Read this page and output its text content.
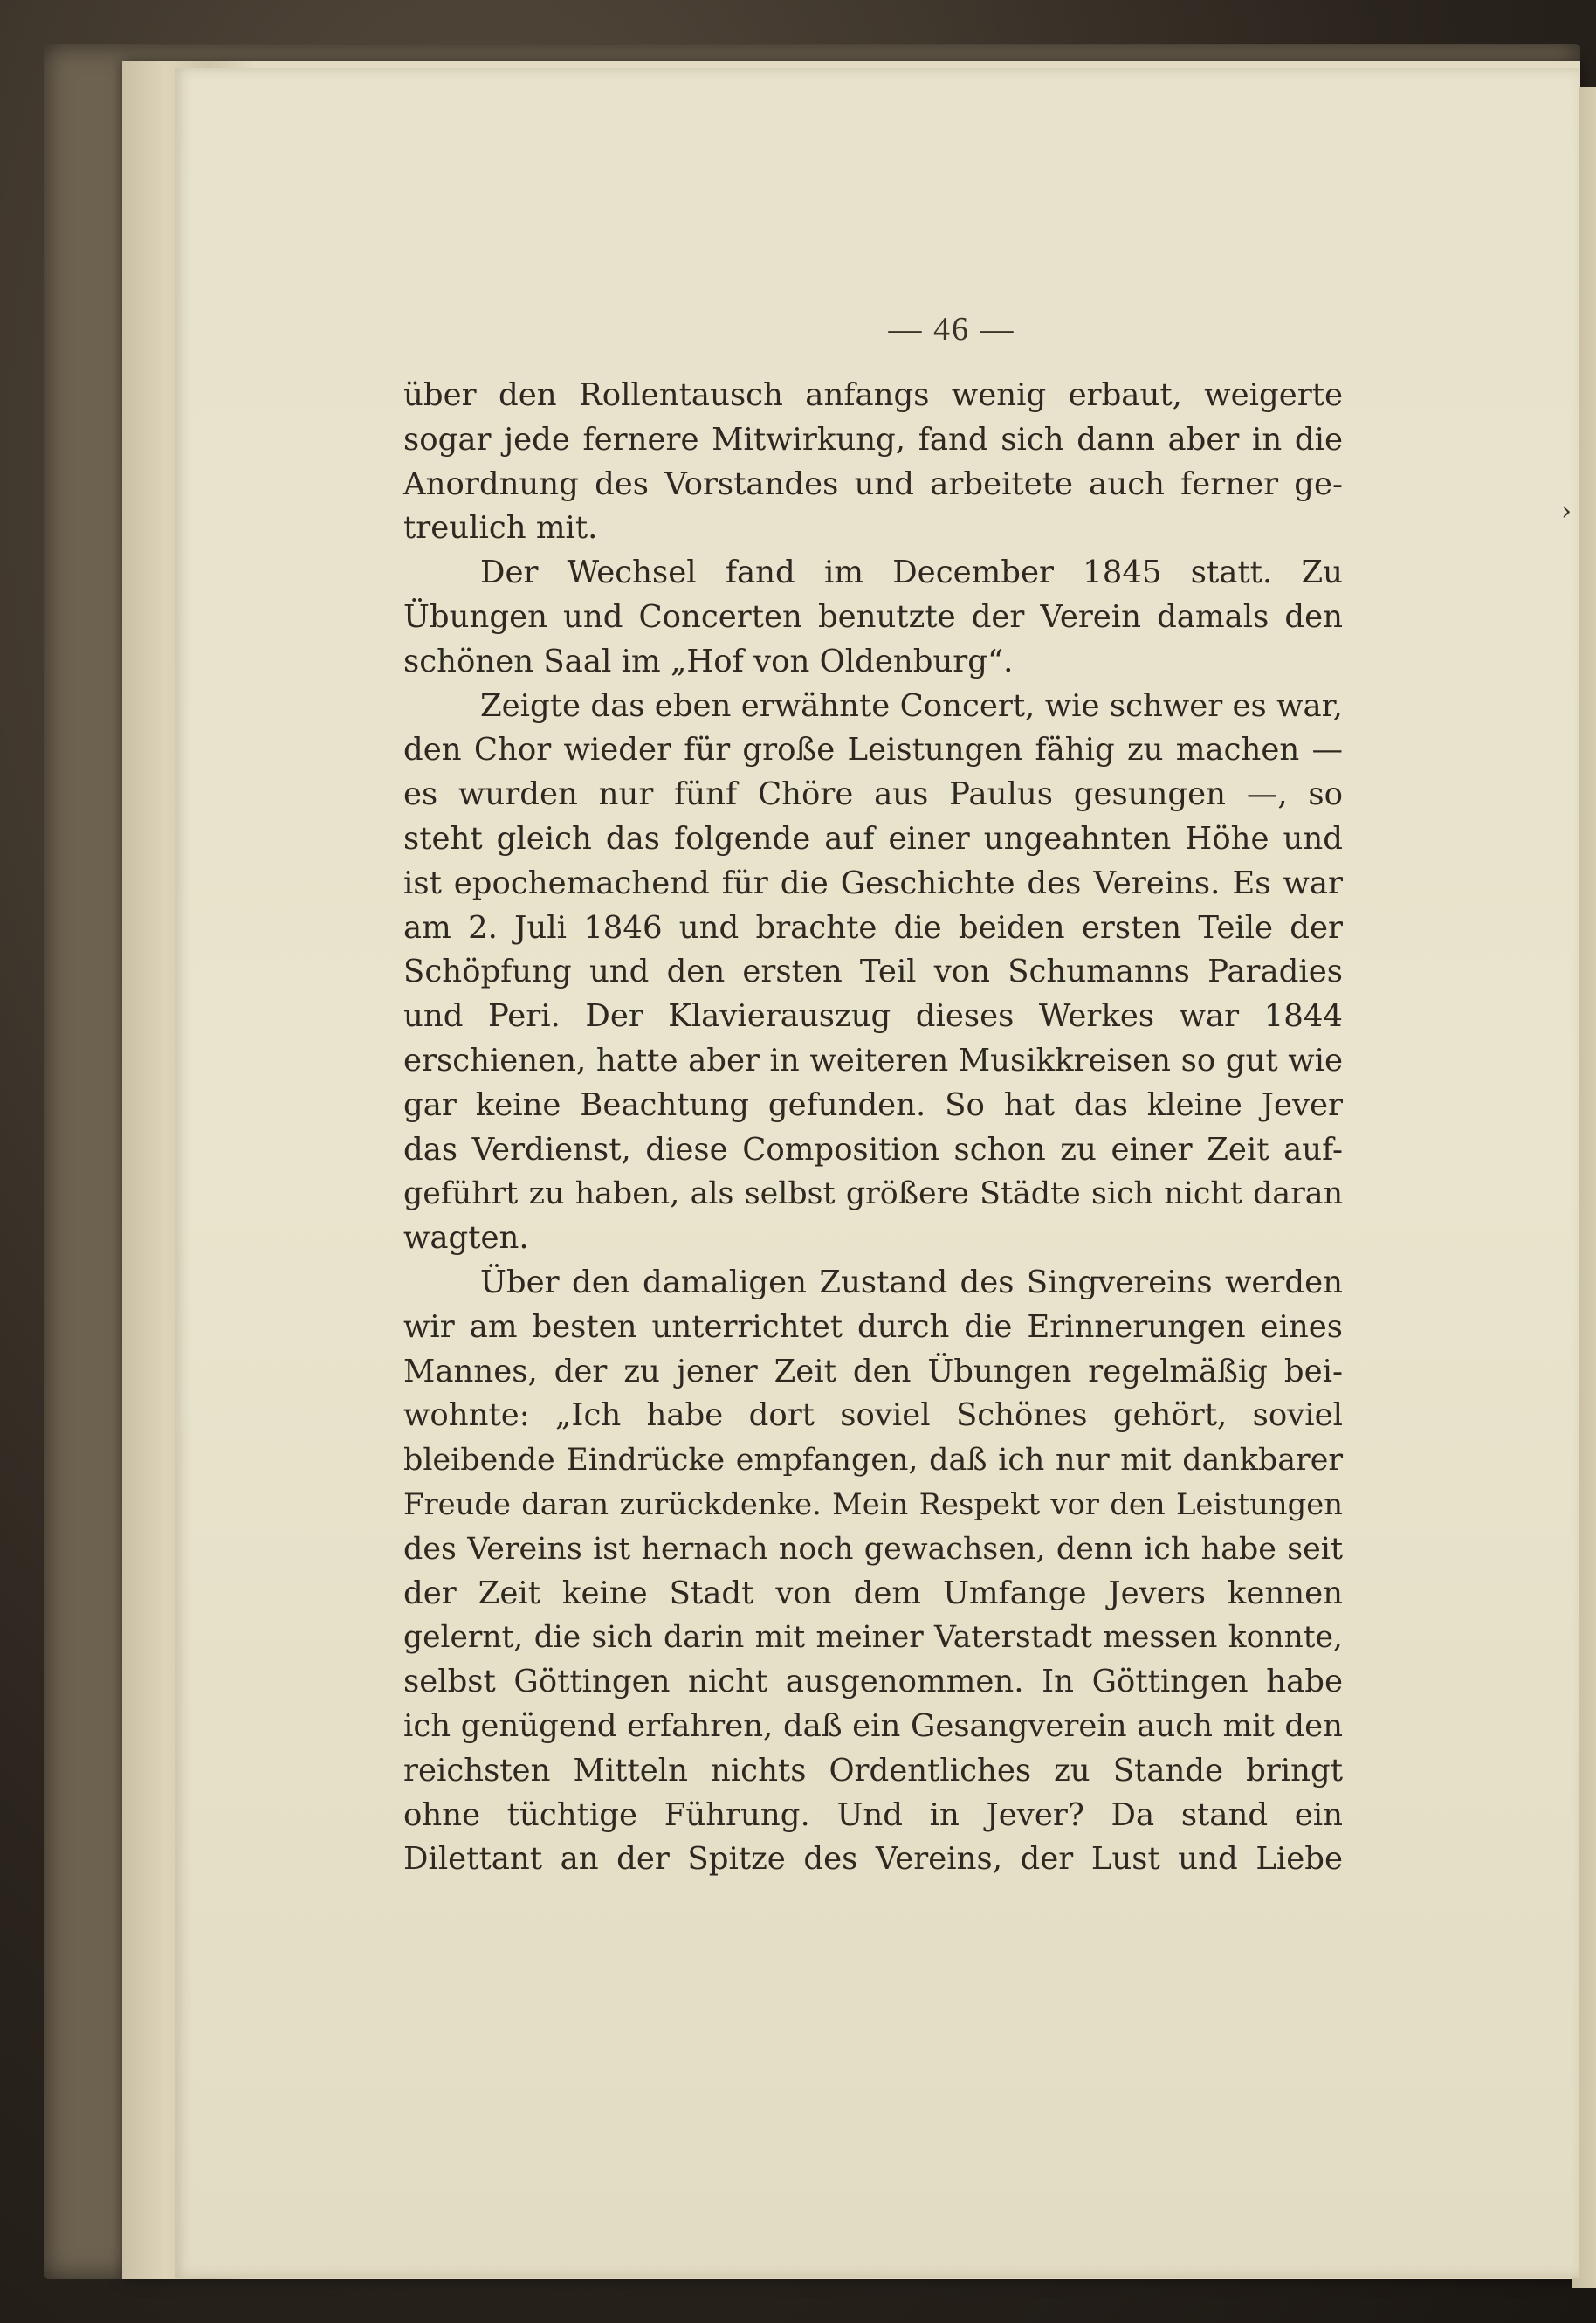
— 46 —
›
über den Rollentausch anfangs wenig erbaut, weigerte
sogar jede fernere Mitwirkung, fand sich dann aber in die
Anordnung des Vorstandes und arbeitete auch ferner ge-
treulich mit.
Der Wechsel fand im December 1845 statt. Zu
Übungen und Concerten benutzte der Verein damals den
schönen Saal im „Hof von Oldenburg“.
Zeigte das eben erwähnte Concert, wie schwer es war,
den Chor wieder für große Leistungen fähig zu machen —
es wurden nur fünf Chöre aus Paulus gesungen —, so
steht gleich das folgende auf einer ungeahnten Höhe und
ist epochemachend für die Geschichte des Vereins. Es war
am 2. Juli 1846 und brachte die beiden ersten Teile der
Schöpfung und den ersten Teil von Schumanns Paradies
und Peri. Der Klavierauszug dieses Werkes war 1844
erschienen, hatte aber in weiteren Musikkreisen so gut wie
gar keine Beachtung gefunden. So hat das kleine Jever
das Verdienst, diese Composition schon zu einer Zeit auf-
geführt zu haben, als selbst größere Städte sich nicht daran
wagten.
Über den damaligen Zustand des Singvereins werden
wir am besten unterrichtet durch die Erinnerungen eines
Mannes, der zu jener Zeit den Übungen regelmäßig bei-
wohnte: „Ich habe dort soviel Schönes gehört, soviel
bleibende Eindrücke empfangen, daß ich nur mit dankbarer
Freude daran zurückdenke. Mein Respekt vor den Leistungen
des Vereins ist hernach noch gewachsen, denn ich habe seit
der Zeit keine Stadt von dem Umfange Jevers kennen
gelernt, die sich darin mit meiner Vaterstadt messen konnte,
selbst Göttingen nicht ausgenommen. In Göttingen habe
ich genügend erfahren, daß ein Gesangverein auch mit den
reichsten Mitteln nichts Ordentliches zu Stande bringt
ohne tüchtige Führung. Und in Jever? Da stand ein
Dilettant an der Spitze des Vereins, der Lust und Liebe
